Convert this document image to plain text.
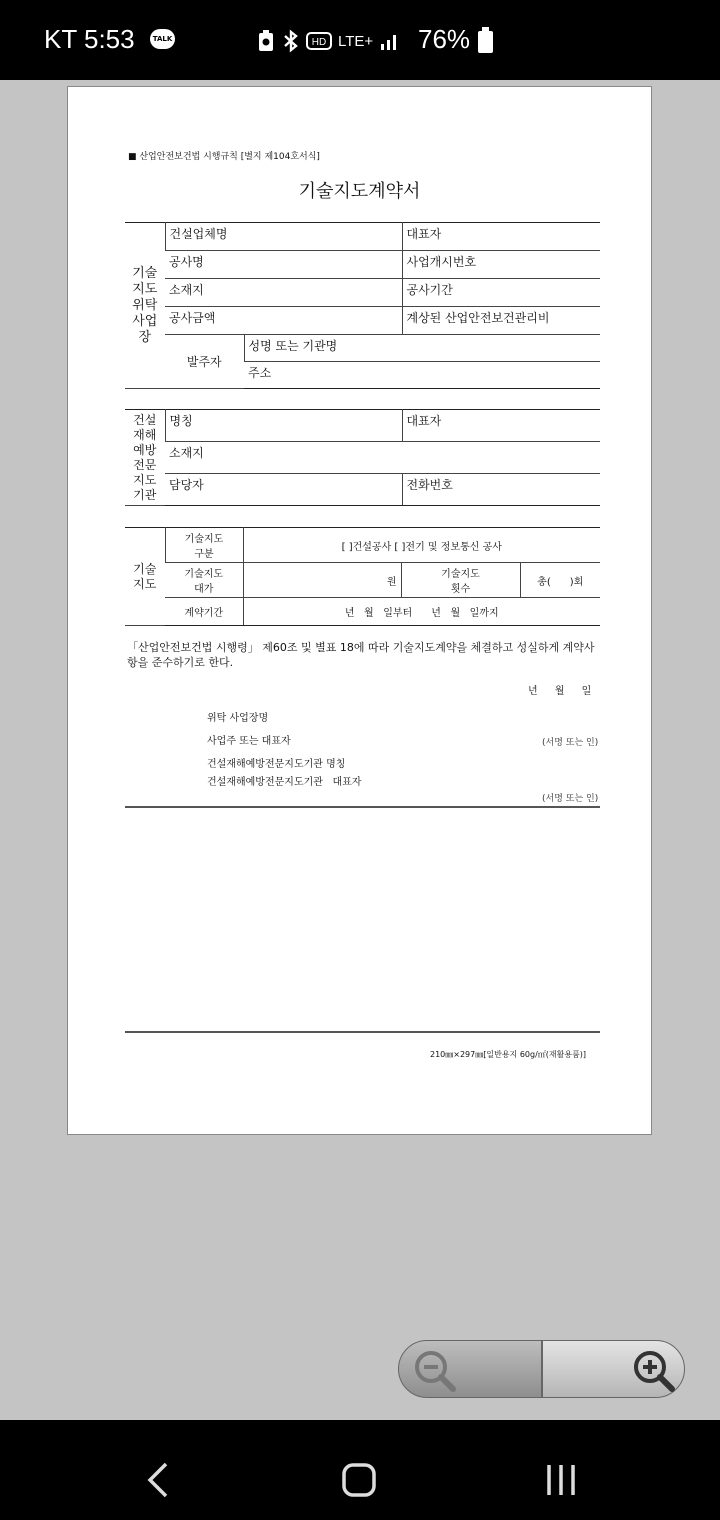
KT 5:53	TALK	HD LTE+ 76%
■ 산업안전보건법 시행규칙 [별지 제104호서식]
기술지도계약서
기술지도위탁사업장	건설업체명		대표자
	공사명		사업개시번호
	소재지		공사기간
	공사금액		계상된 산업안전보건관리비
	발주자	성명 또는 기관명	
		주소	
건설재해예방전문지도기관	명칭	대표자
	소재지	
	담당자	전화번호
기술지도	기술지도구분	[ ]건설공사 [ ]전기 및 정보통신 공사		

	기술지도대가	원	기술지도횟수	총(      )회
	계약기간	년   월   일부터      년   월   일까지		
「산업안전보건법 시행령」 제60조 및 별표 18에 따라 기술지도계약을 체결하고 성실하게 계약사항을 준수하기로 한다.
년 월 일
위탁 사업장명
사업주 또는 대표자	(서명 또는 인)
건설재해예방전문지도기관 명칭
건설재해예방전문지도기관   대표자
(서명 또는 인)
210㎜×297㎜[일반용지 60g/㎡(재활용품)]
